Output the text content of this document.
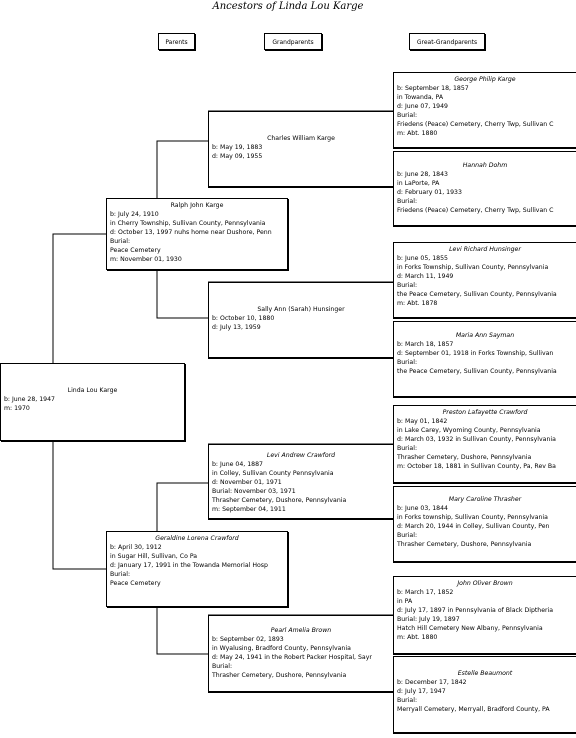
Ancestors of Linda Lou Karge
Parents	Grandparents	Great-Grandparents
Linda Lou Karge
b: June 28, 1947
m: 1970
Ralph John Karge
b: July 24, 1910
in Cherry Township, Sullivan County, Pennsylvania
d: October 13, 1997 nuhs home near Dushore, Penn
Burial:
Peace Cemetery
m: November 01, 1930
Geraldine Lorena Crawford
b: April 30, 1912
in Sugar Hill, Sullivan, Co Pa
d: January 17, 1991 in the Towanda Memorial Hosp
Burial:
Peace Cemetery
Charles William Karge
b: May 19, 1883
d: May 09, 1955
Sally Ann (Sarah) Hunsinger
b: October 10, 1880
d: July 13, 1959
Levi Andrew Crawford
b: June 04, 1887
in Colley, Sullivan County Pennsylvania
d: November 01, 1971
Burial: November 03, 1971
Thrasher Cemetery, Dushore, Pennsylvania
m: September 04, 1911
Pearl Amelia Brown
b: September 02, 1893
in Wyalusing, Bradford County, Pennsylvania
d: May 24, 1941 in the Robert Packer Hospital, Sayr
Burial:
Thrasher Cemetery, Dushore, Pennsylvania
George Philip Karge
b: September 18, 1857
in Towanda, PA
d: June 07, 1949
Burial:
Friedens (Peace) Cemetery, Cherry Twp, Sullivan C
m: Abt. 1880
Hannah Dohm
b: June 28, 1843
in LaPorte, PA
d: February 01, 1933
Burial:
Friedens (Peace) Cemetery, Cherry Twp, Sullivan C
Levi Richard Hunsinger
b: June 05, 1855
in Forks Township, Sullivan County, Pennsylvania
d: March 11, 1949
Burial:
the Peace Cemetery, Sullivan County, Pennsylvania
m: Abt. 1878
Maria Ann Sayman
b: March 18, 1857
d: September 01, 1918 in Forks Township, Sullivan
Burial:
the Peace Cemetery, Sullivan County, Pennsylvania
Preston Lafayette Crawford
b: May 01, 1842
in Lake Carey, Wyoming County, Pennsylvania
d: March 03, 1932 in Sullivan County, Pennsylvania
Burial:
Thrasher Cemetery, Dushore, Pennsylvania
m: October 18, 1881 in Sullivan County, Pa, Rev Ba
Mary Caroline Thrasher
b: June 03, 1844
in Forks township, Sullivan County, Pennsylvania
d: March 20, 1944 in Colley, Sullivan County, Pen
Burial:
Thrasher Cemetery, Dushore, Pennsylvania
John Oliver Brown
b: March 17, 1852
in PA
d: July 17, 1897 in Pennsylvania of Black Diptheria
Burial: July 19, 1897
Hatch Hill Cemetery New Albany, Pennsylvania
m: Abt. 1880
Estelle Beaumont
b: December 17, 1842
d: July 17, 1947
Burial:
Merryall Cemetery, Merryall, Bradford County, PA
